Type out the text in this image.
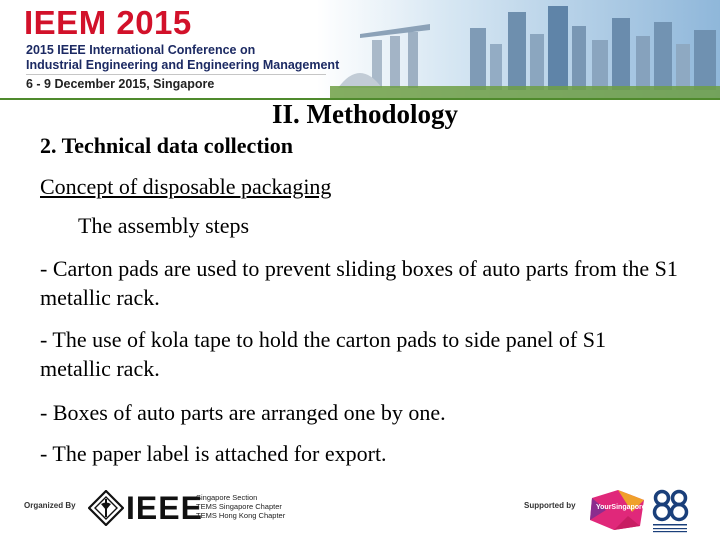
IEEM 2015

2015 IEEE International Conference on

Industrial Engineering and Engineering Management

6 - 9 December 2015, Singapore

II. Methodology

2. Technical data collection

Concept of disposable packaging

The assembly steps

- Carton pads are used to prevent sliding boxes of auto parts from the S1 metallic rack.

- The use of kola tape to hold the carton pads to side panel of S1 metallic rack.

- Boxes of auto parts are arranged one by one.

- The paper label is attached for export.

Organized By IEEE
Singapore Section
TEMS Singapore Chapter
TEMS Hong Kong Chapter
Supported by	YourSingapore
